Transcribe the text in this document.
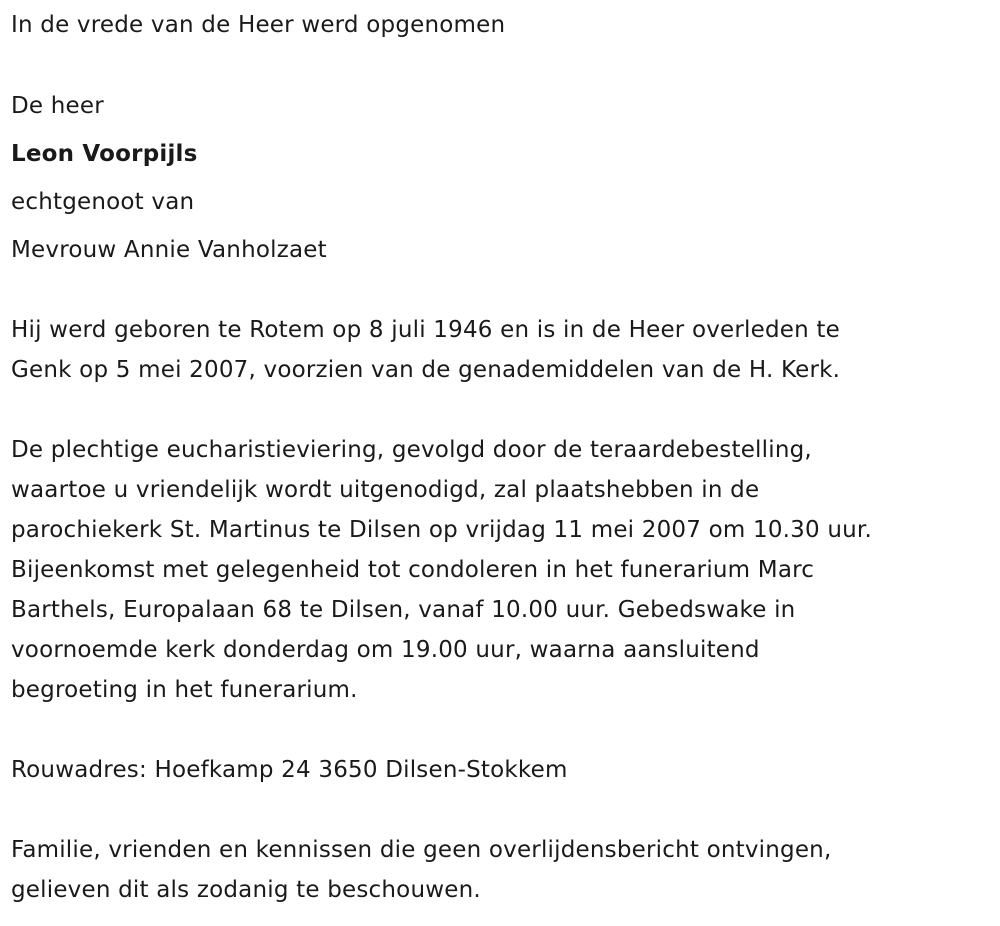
In de vrede van de Heer werd opgenomen
De heer
Leon Voorpijls
echtgenoot van
Mevrouw Annie Vanholzaet
Hij werd geboren te Rotem op 8 juli 1946 en is in de Heer overleden te
Genk op 5 mei 2007, voorzien van de genademiddelen van de H. Kerk.
De plechtige eucharistieviering, gevolgd door de teraardebestelling,
waartoe u vriendelijk wordt uitgenodigd, zal plaatshebben in de
parochiekerk St. Martinus te Dilsen op vrijdag 11 mei 2007 om 10.30 uur.
Bijeenkomst met gelegenheid tot condoleren in het funerarium Marc
Barthels, Europalaan 68 te Dilsen, vanaf 10.00 uur. Gebedswake in
voornoemde kerk donderdag om 19.00 uur, waarna aansluitend
begroeting in het funerarium.
Rouwadres: Hoefkamp 24 3650 Dilsen-Stokkem
Familie, vrienden en kennissen die geen overlijdensbericht ontvingen,
gelieven dit als zodanig te beschouwen.
